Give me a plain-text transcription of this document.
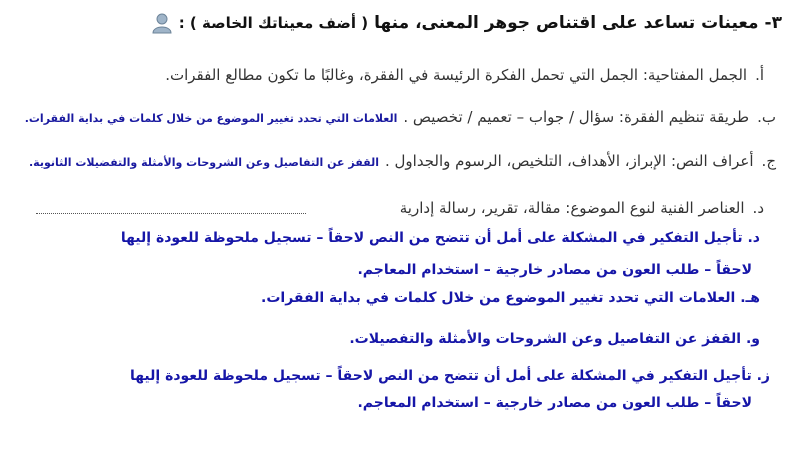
٣-
معينات تساعد على اقتناص جوهر المعنى، منها
( أضف معيناتك الخاصة ) :
أ.الجمل المفتاحية: الجمل التي تحمل الفكرة الرئيسة في الفقرة، وغالبًا ما تكون مطالع الفقرات.
ب.طريقة تنظيم الفقرة: سؤال / جواب – تعميم / تخصيص .العلامات التي تحدد تغيير الموضوع من خلال كلمات في بداية الفقرات.
ج.أعراف النص: الإبراز، الأهداف، التلخيص، الرسوم والجداول .القفز عن التفاصيل وعن الشروحات والأمثلة والتفضيلات الثانوية.
د.العناصر الفنية لنوع الموضوع: مقالة، تقرير، رسالة إدارية
د. تأجيل التفكير في المشكلة على أمل أن تتضح من النص لاحقاً – تسجيل ملحوظة للعودة إليها
لاحقاً – طلب العون من مصادر خارجية – استخدام المعاجم.
هـ. العلامات التي تحدد تغيير الموضوع من خلال كلمات في بداية الفقرات.
و. القفز عن التفاصيل وعن الشروحات والأمثلة والتفصيلات.
ز. تأجيل التفكير في المشكلة على أمل أن تتضح من النص لاحقاً – تسجيل ملحوظة للعودة إليها
لاحقاً – طلب العون من مصادر خارجية – استخدام المعاجم.
